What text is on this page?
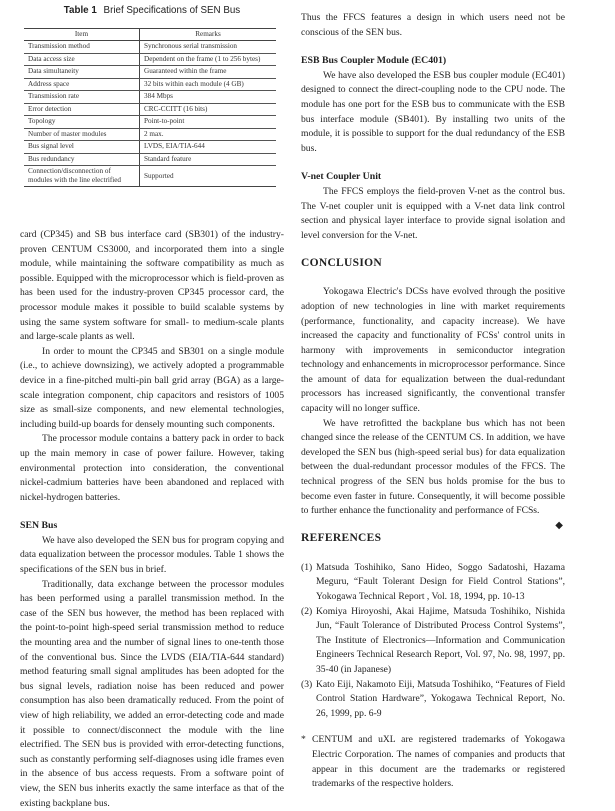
Table 1 Brief Specifications of SEN Bus
Item	Remarks
Transmission method	Synchronous serial transmission
Data access size	Dependent on the frame (1 to 256 bytes)
Data simultaneity	Guaranteed within the frame
Address space	32 bits within each module (4 GB)
Transmission rate	384 Mbps
Error detection	CRC-CCITT (16 bits)
Topology	Point-to-point
Number of master modules	2 max.
Bus signal level	LVDS, EIA/TIA-644
Bus redundancy	Standard feature
Connection/disconnection of modules with the line electrified	Supported

card (CP345) and SB bus interface card (SB301) of the industry-proven CENTUM CS3000, and incorporated them into a single module, while maintaining the software compatibility as much as possible. Equipped with the microprocessor which is field-proven as has been used for the industry-proven CP345 processor card, the processor module makes it possible to build scalable systems by using the same system software for small- to medium-scale plants and large-scale plants as well.

In order to mount the CP345 and SB301 on a single module (i.e., to achieve downsizing), we actively adopted a programmable device in a fine-pitched multi-pin ball grid array (BGA) as a large-scale integration component, chip capacitors and resistors of 1005 size as small-size components, and new elemental technologies, including build-up boards for densely mounting such components.

The processor module contains a battery pack in order to back up the main memory in case of power failure. However, taking environmental protection into consideration, the conventional nickel-cadmium batteries have been abandoned and replaced with nickel-hydrogen batteries.

SEN Bus

We have also developed the SEN bus for program copying and data equalization between the processor modules. Table 1 shows the specifications of the SEN bus in brief.

Traditionally, data exchange between the processor modules has been performed using a parallel transmission method. In the case of the SEN bus however, the method has been replaced with the point-to-point high-speed serial transmission method to reduce the mounting area and the number of signal lines to one-tenth those of the conventional bus. Since the LVDS (EIA/TIA-644 standard) method featuring small signal amplitudes has been adopted for the bus signal levels, radiation noise has been reduced and power consumption has also been dramatically reduced. From the point of view of high reliability, we added an error-detecting code and made it possible to connect/disconnect the module with the line electrified. The SEN bus is provided with error-detecting functions, such as constantly performing self-diagnoses using idle frames even in the absence of bus access requests. From a software point of view, the SEN bus inherits exactly the same interface as that of the existing backplane bus.

Thus the FFCS features a design in which users need not be conscious of the SEN bus.

ESB Bus Coupler Module (EC401)

We have also developed the ESB bus coupler module (EC401) designed to connect the direct-coupling node to the CPU node. The module has one port for the ESB bus to communicate with the ESB bus interface module (SB401). By installing two units of the module, it is possible to support for the dual redundancy of the ESB bus.

V-net Coupler Unit

The FFCS employs the field-proven V-net as the control bus. The V-net coupler unit is equipped with a V-net data link control section and physical layer interface to provide signal isolation and level conversion for the V-net.

CONCLUSION

Yokogawa Electric's DCSs have evolved through the positive adoption of new technologies in line with market requirements (performance, functionality, and capacity increase). We have increased the capacity and functionality of FCSs' control units in harmony with improvements in semiconductor integration technology and enhancements in microprocessor performance. Since the amount of data for equalization between the dual-redundant processors has increased significantly, the conventional transfer capacity will no longer suffice.

We have retrofitted the backplane bus which has not been changed since the release of the CENTUM CS. In addition, we have developed the SEN bus (high-speed serial bus) for data equalization between the dual-redundant processor modules of the FFCS. The technical progress of the SEN bus holds promise for the bus to become even faster in future. Consequently, it will become possible to further enhance the functionality and performance of FCSs.
◆

REFERENCES
(1) Matsuda Toshihiko, Sano Hideo, Soggo Sadatoshi, Hazama Meguru, “Fault Tolerant Design for Field Control Stations”, Yokogawa Technical Report , Vol. 18, 1994, pp. 10-13
(2) Komiya Hiroyoshi, Akai Hajime, Matsuda Toshihiko, Nishida Jun, “Fault Tolerance of Distributed Process Control Systems”, The Institute of Electronics—Information and Communication Engineers Technical Research Report, Vol. 97, No. 98, 1997, pp. 35-40 (in Japanese)
(3) Kato Eiji, Nakamoto Eiji, Matsuda Toshihiko, “Features of Field Control Station Hardware”, Yokogawa Technical Report, No. 26, 1999, pp. 6-9

* CENTUM and uXL are registered trademarks of Yokogawa Electric Corporation. The names of companies and products that appear in this document are the trademarks or registered trademarks of the respective holders.
